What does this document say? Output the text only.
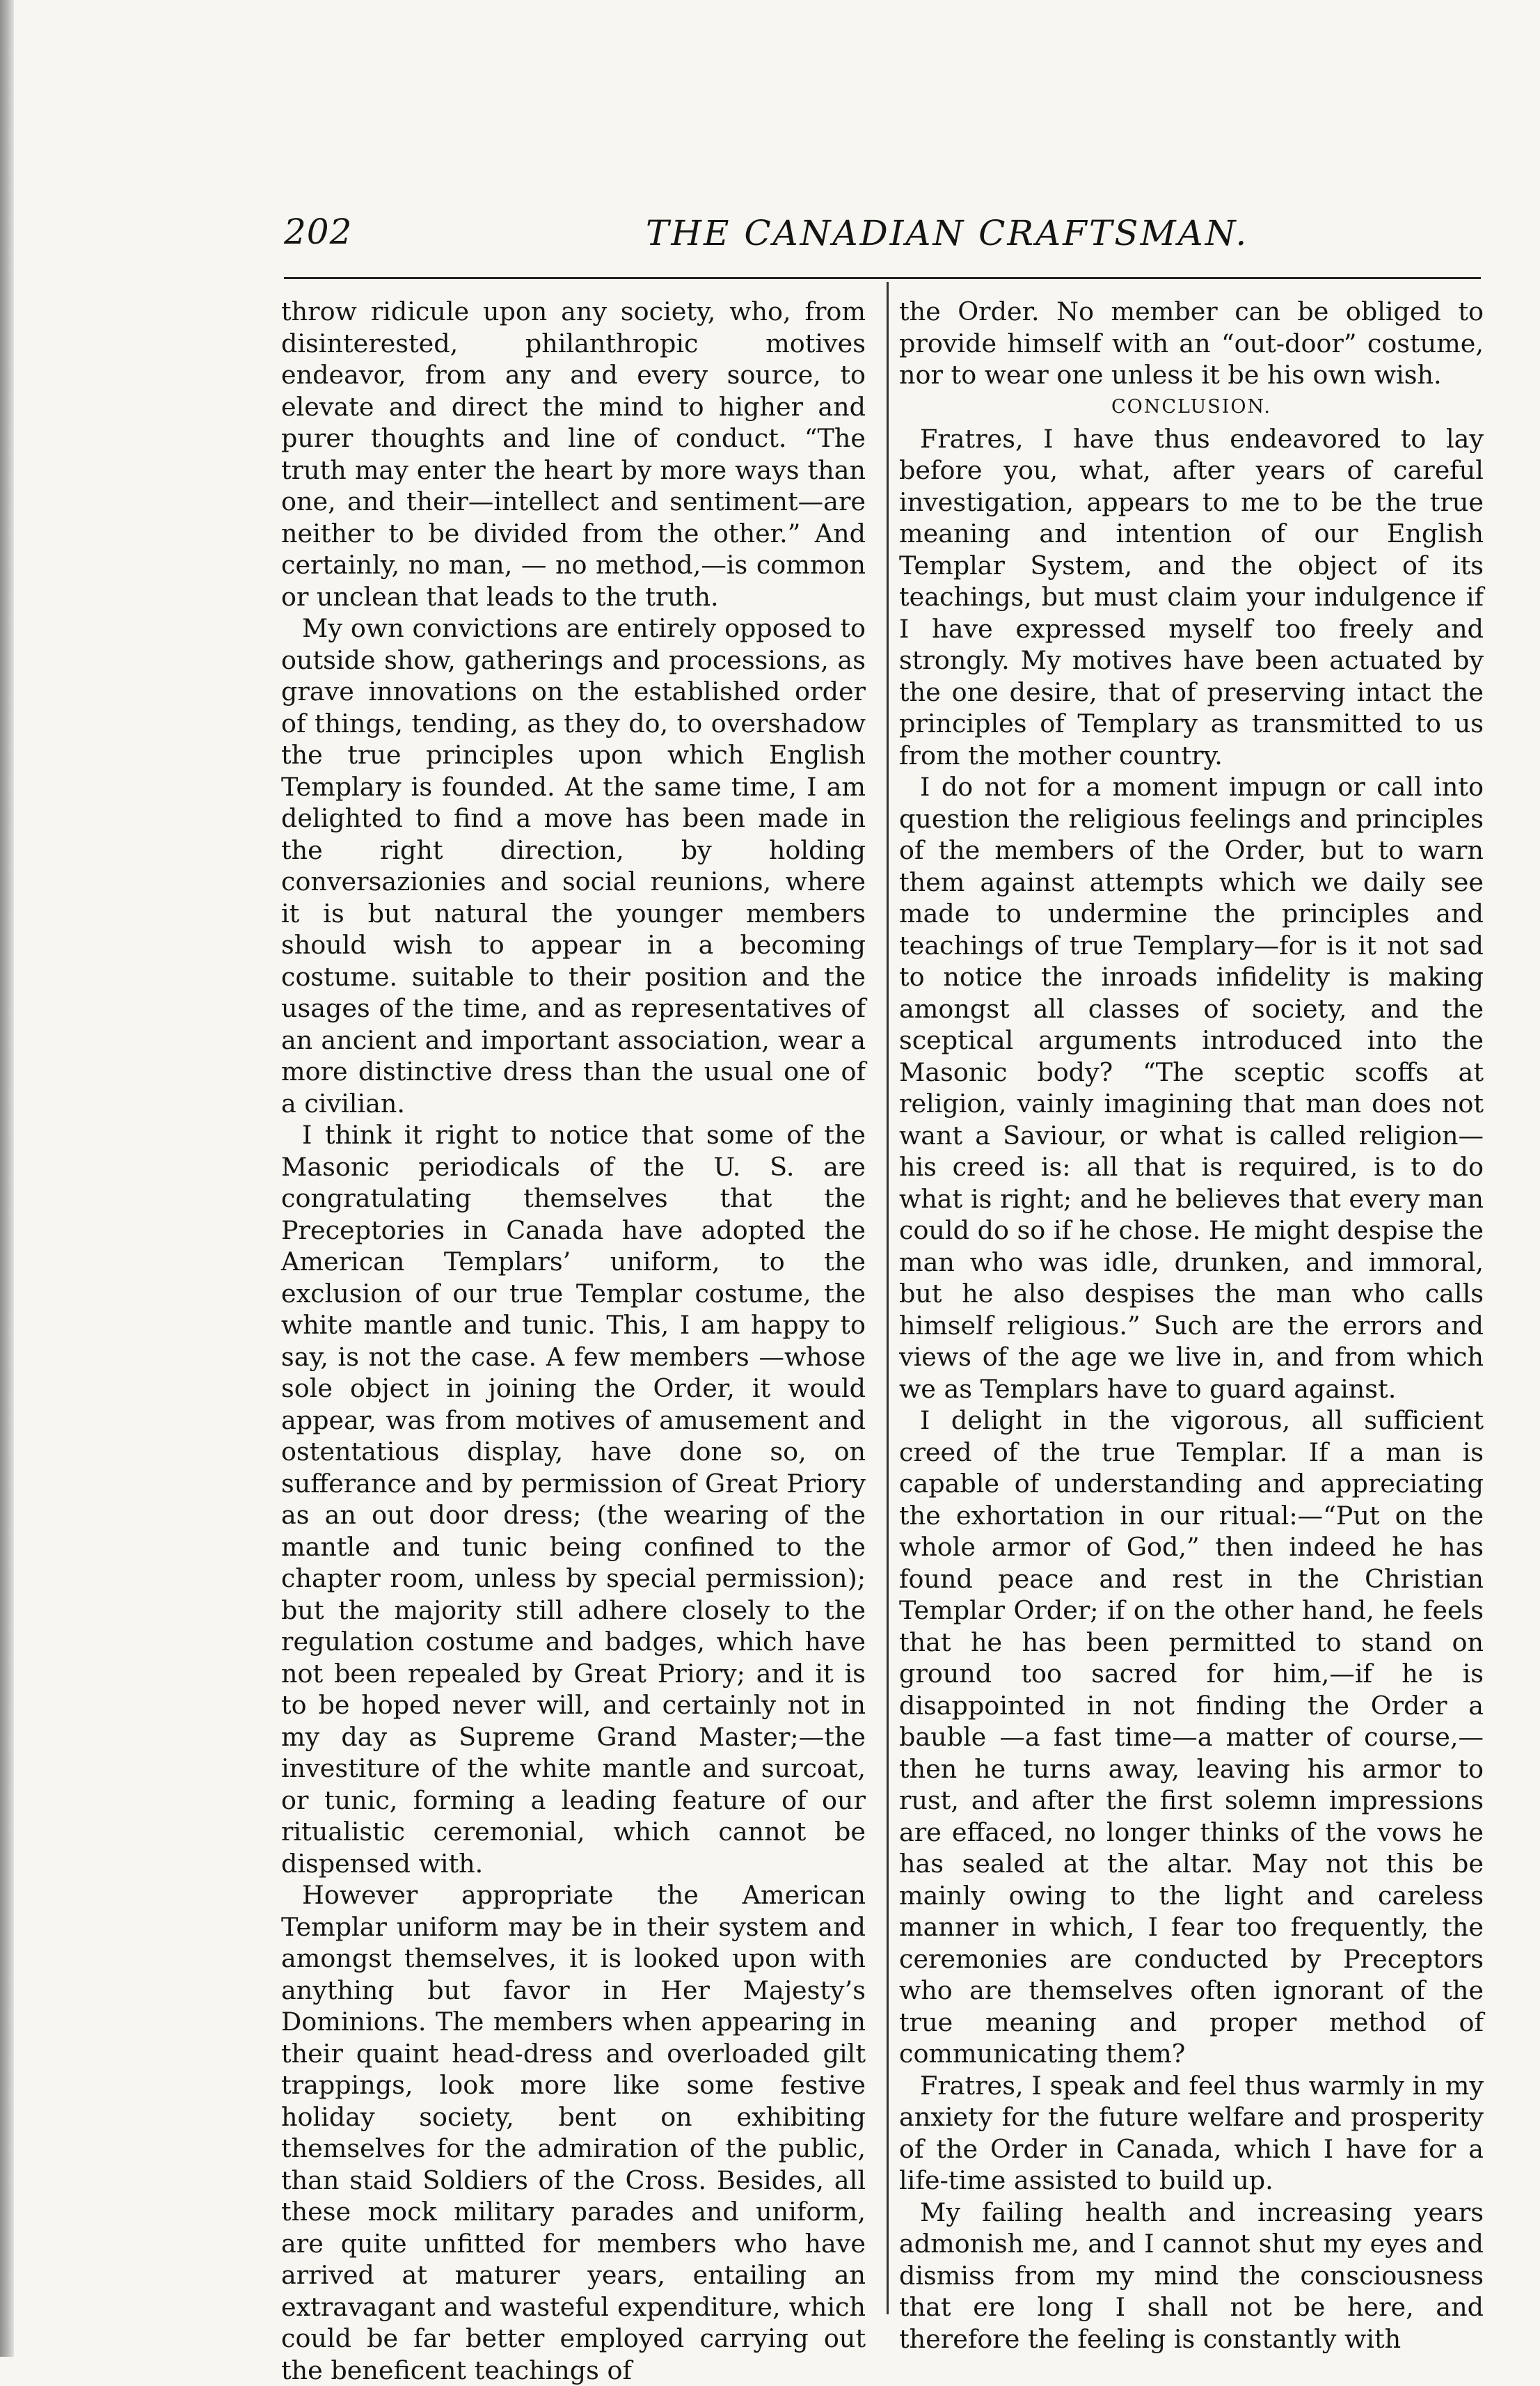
202	THE CANADIAN CRAFTSMAN.

throw ridicule upon any society, who, from disinterested, philanthropic motives endeavor, from any and every source, to elevate and direct the mind to higher and purer thoughts and line of conduct. “The truth may enter the heart by more ways than one, and their—intellect and sentiment—are neither to be divided from the other.” And certainly, no man, — no method,—is common or unclean that leads to the truth.

My own convictions are entirely opposed to outside show, gatherings and processions, as grave innovations on the established order of things, tending, as they do, to overshadow the true principles upon which English Templary is founded. At the same time, I am delighted to find a move has been made in the right direction, by holding conversazionies and social reunions, where it is but natural the younger members should wish to appear in a becoming costume. suitable to their position and the usages of the time, and as representatives of an ancient and important association, wear a more distinctive dress than the usual one of a civilian.

I think it right to notice that some of the Masonic periodicals of the U. S. are congratulating themselves that the Preceptories in Canada have adopted the American Templars’ uniform, to the exclusion of our true Templar costume, the white mantle and tunic. This, I am happy to say, is not the case. A few members —whose sole object in joining the Order, it would appear, was from motives of amusement and ostentatious display, have done so, on sufferance and by permission of Great Priory as an out door dress; (the wearing of the mantle and tunic being confined to the chapter room, unless by special permission); but the majority still adhere closely to the regulation costume and badges, which have not been repealed by Great Priory; and it is to be hoped never will, and certainly not in my day as Supreme Grand Master;—the investiture of the white mantle and surcoat, or tunic, forming a leading feature of our ritualistic ceremonial, which cannot be dispensed with.

However appropriate the American Templar uniform may be in their system and amongst themselves, it is looked upon with anything but favor in Her Majesty’s Dominions. The members when appearing in their quaint head-dress and overloaded gilt trappings, look more like some festive holiday society, bent on exhibiting themselves for the admiration of the public, than staid Soldiers of the Cross. Besides, all these mock military parades and uniform, are quite unfitted for members who have arrived at maturer years, entailing an extravagant and wasteful expenditure, which could be far better employed carrying out the beneficent teachings of

the Order. No member can be obliged to provide himself with an “out-door” costume, nor to wear one unless it be his own wish.

CONCLUSION.

Fratres, I have thus endeavored to lay before you, what, after years of careful investigation, appears to me to be the true meaning and intention of our English Templar System, and the object of its teachings, but must claim your indulgence if I have expressed myself too freely and strongly. My motives have been actuated by the one desire, that of preserving intact the principles of Templary as transmitted to us from the mother country.

I do not for a moment impugn or call into question the religious feelings and principles of the members of the Order, but to warn them against attempts which we daily see made to undermine the principles and teachings of true Templary—for is it not sad to notice the inroads infidelity is making amongst all classes of society, and the sceptical arguments introduced into the Masonic body? “The sceptic scoffs at religion, vainly imagining that man does not want a Saviour, or what is called religion—his creed is: all that is required, is to do what is right; and he believes that every man could do so if he chose. He might despise the man who was idle, drunken, and immoral, but he also despises the man who calls himself religious.” Such are the errors and views of the age we live in, and from which we as Templars have to guard against.

I delight in the vigorous, all sufficient creed of the true Templar. If a man is capable of understanding and appreciating the exhortation in our ritual:—“Put on the whole armor of God,” then indeed he has found peace and rest in the Christian Templar Order; if on the other hand, he feels that he has been permitted to stand on ground too sacred for him,—if he is disappointed in not finding the Order a bauble —a fast time—a matter of course,—then he turns away, leaving his armor to rust, and after the first solemn impressions are effaced, no longer thinks of the vows he has sealed at the altar. May not this be mainly owing to the light and careless manner in which, I fear too frequently, the ceremonies are conducted by Preceptors who are themselves often ignorant of the true meaning and proper method of communicating them?

Fratres, I speak and feel thus warmly in my anxiety for the future welfare and prosperity of the Order in Canada, which I have for a life-time assisted to build up.

My failing health and increasing years admonish me, and I cannot shut my eyes and dismiss from my mind the consciousness that ere long I shall not be here, and therefore the feeling is constantly with
